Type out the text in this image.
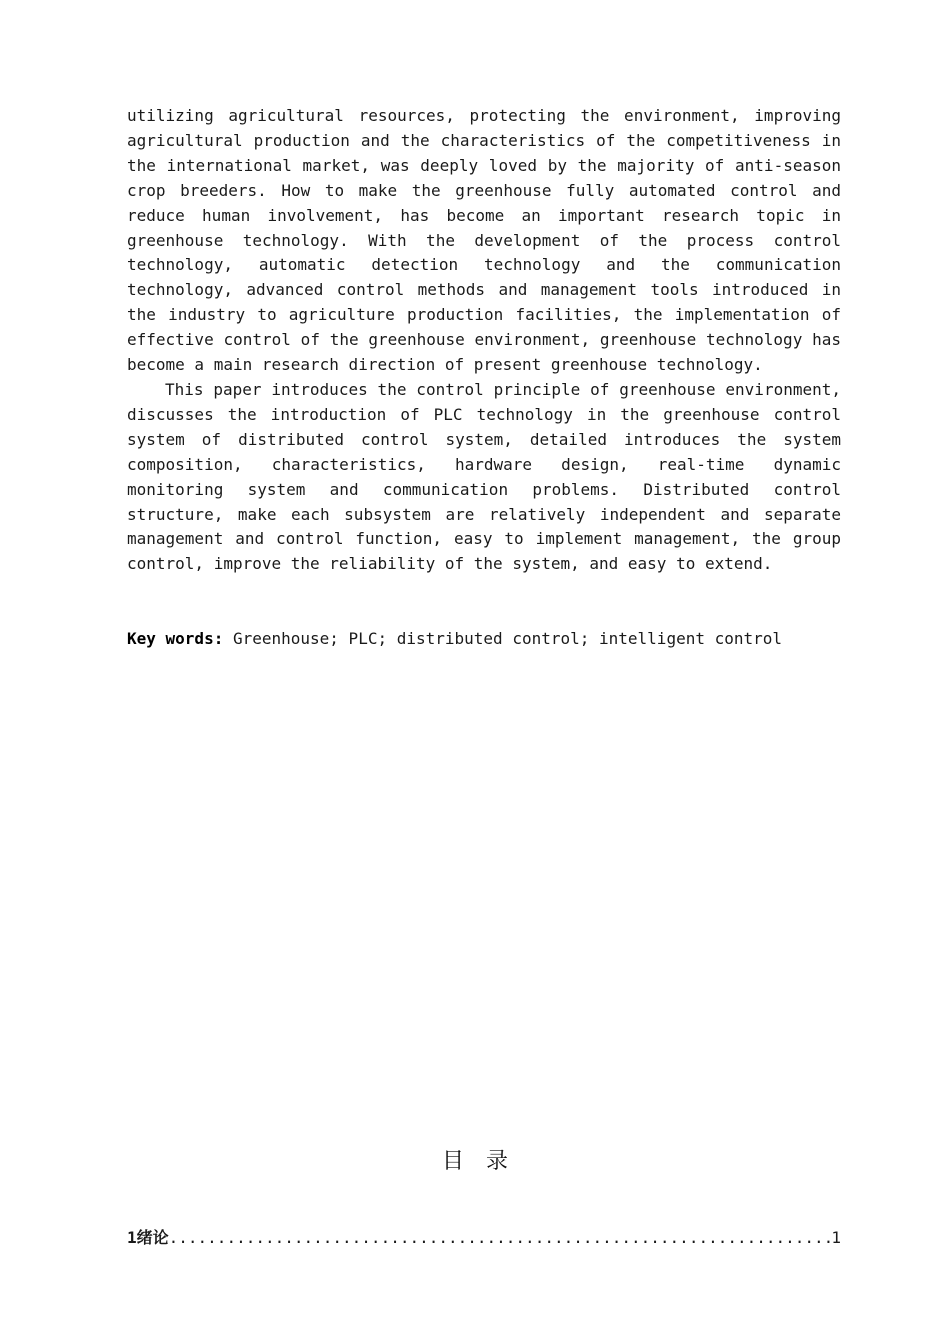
utilizing agricultural resources, protecting the environment, improving agricultural production and the characteristics of the competitiveness in the international market, was deeply loved by the majority of anti-season crop breeders. How to make the greenhouse fully automated control and reduce human involvement, has become an important research topic in greenhouse technology. With the development of the process control technology, automatic detection technology and the communication technology, advanced control methods and management tools introduced in the industry to agriculture production facilities, the implementation of effective control of the greenhouse environment, greenhouse technology has become a main research direction of present greenhouse technology.

This paper introduces the control principle of greenhouse environment, discusses the introduction of PLC technology in the greenhouse control system of distributed control system, detailed introduces the system composition, characteristics, hardware design, real-time dynamic monitoring system and communication problems. Distributed control structure, make each subsystem are relatively independent and separate management and control function, easy to implement management, the group control, improve the reliability of the system, and easy to extend.

Key words: Greenhouse; PLC; distributed control; intelligent control
目录
1绪论
.....	1
